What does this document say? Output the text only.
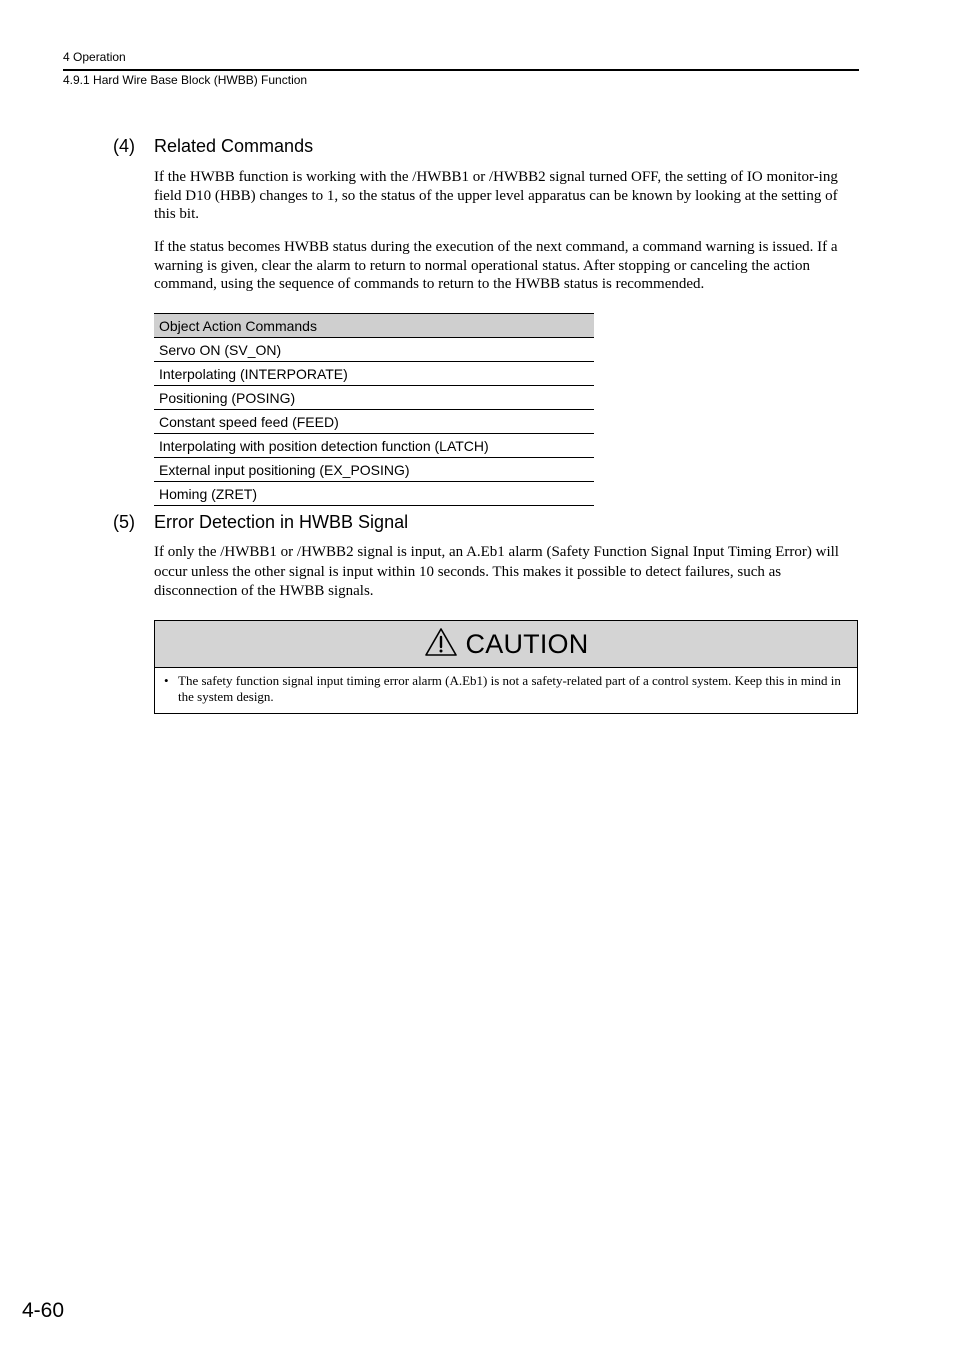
4 Operation
4.9.1 Hard Wire Base Block (HWBB) Function
(4) Related Commands

If the HWBB function is working with the /HWBB1 or /HWBB2 signal turned OFF, the setting of IO monitor-ing field D10 (HBB) changes to 1, so the status of the upper level apparatus can be known by looking at the setting of this bit.

If the status becomes HWBB status during the execution of the next command, a command warning is issued. If a warning is given, clear the alarm to return to normal operational status. After stopping or canceling the action command, using the sequence of commands to return to the HWBB status is recommended.

Object Action Commands
Servo ON (SV_ON)
Interpolating (INTERPORATE)
Positioning (POSING)
Constant speed feed (FEED)
Interpolating with position detection function (LATCH)
External input positioning (EX_POSING)
Homing (ZRET)
(5) Error Detection in HWBB Signal

If only the /HWBB1 or /HWBB2 signal is input, an A.Eb1 alarm (Safety Function Signal Input Timing Error) will occur unless the other signal is input within 10 seconds. This makes it possible to detect failures, such as disconnection of the HWBB signals.

CAUTION
• The safety function signal input timing error alarm (A.Eb1) is not a safety-related part of a control system. Keep this in mind in the system design.
4-60
